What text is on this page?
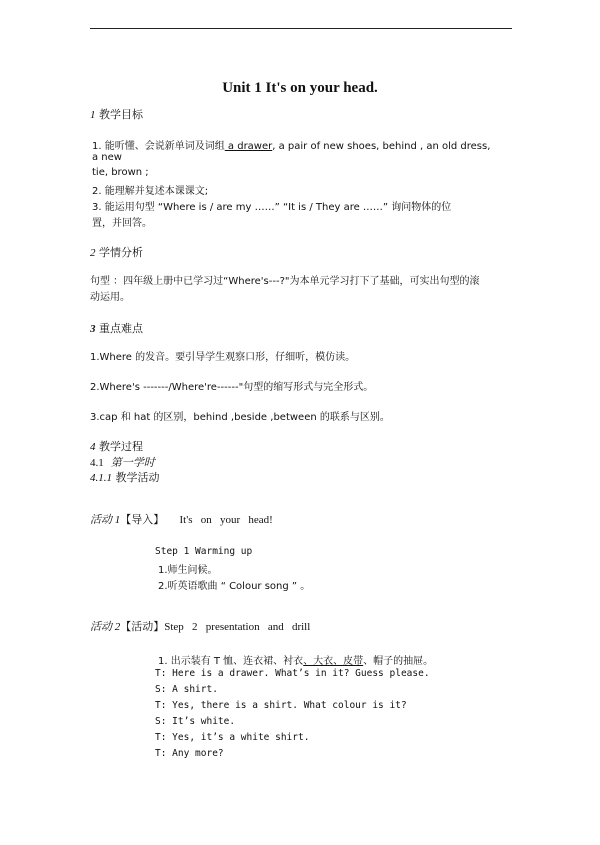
Unit 1 It's on your head.
1 教学目标
1. 能听懂、会说新单词及词组 a drawer, a pair of new shoes, behind , an old dress,
a new
tie, brown ;
2. 能理解并复述本课课文;
3. 能运用句型 “Where is / are my ……” “It is / They are ……” 询问物体的位
置，并回答。
2 学情分析
句型 ：四年级上册中已学习过“Where's---?"为本单元学习打下了基础，可实出句型的滚
动运用。
3 重点难点
1.Where 的发音。要引导学生观察口形，仔细听，模仿读。
2.Where's -------/Where're------"句型的缩写形式与完全形式。
3.cap 和 hat 的区别，behind ,beside ,between 的联系与区别。
4 教学过程
4.1 第一学时
4.1.1 教学活动
活动 1【导入】 It's   on   your   head!
Step 1 Warming up
1.师生问候。
2.听英语歌曲 “ Colour song ” 。
活动 2【活动】Step   2   presentation   and   drill
1. 出示装有 T 恤、连衣裙、衬衣、大衣、皮带、帽子的抽屉。
T: Here is a drawer. What’s in it? Guess please.
S: A shirt.
T: Yes, there is a shirt. What colour is it?
S: It’s white.
T: Yes, it’s a white shirt.
T: Any more?
